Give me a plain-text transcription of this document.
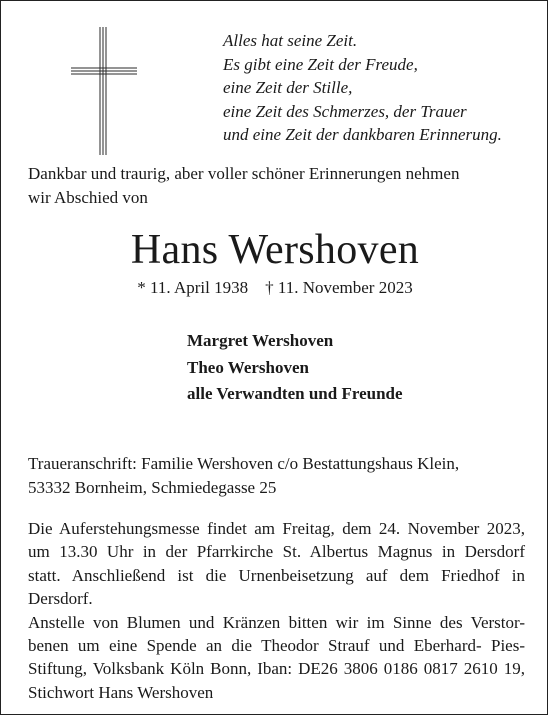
Alles hat seine Zeit.
Es gibt eine Zeit der Freude,
eine Zeit der Stille,
eine Zeit des Schmerzes, der Trauer
und eine Zeit der dankbaren Erinnerung.
Dankbar und traurig, aber voller schöner Erinnerungen nehmen
wir Abschied von
Hans Wershoven
* 11. April 1938    † 11. November 2023
Margret Wershoven
Theo Wershoven
alle Verwandten und Freunde
Traueranschrift: Familie Wershoven c/o Bestattungshaus Klein,
53332 Bornheim, Schmiedegasse 25
Die Auferstehungsmesse findet am Freitag, dem 24. November 2023,
um 13.30 Uhr in der Pfarrkirche St. Albertus Magnus in Dersdorf
statt. Anschließend ist die Urnenbeisetzung auf dem Friedhof in
Dersdorf.
Anstelle von Blumen und Kränzen bitten wir im Sinne des Verstor-
benen um eine Spende an die Theodor Strauf und Eberhard- Pies-
Stiftung, Volksbank Köln Bonn, Iban: DE26 3806 0186 0817 2610 19,
Stichwort Hans Wershoven
